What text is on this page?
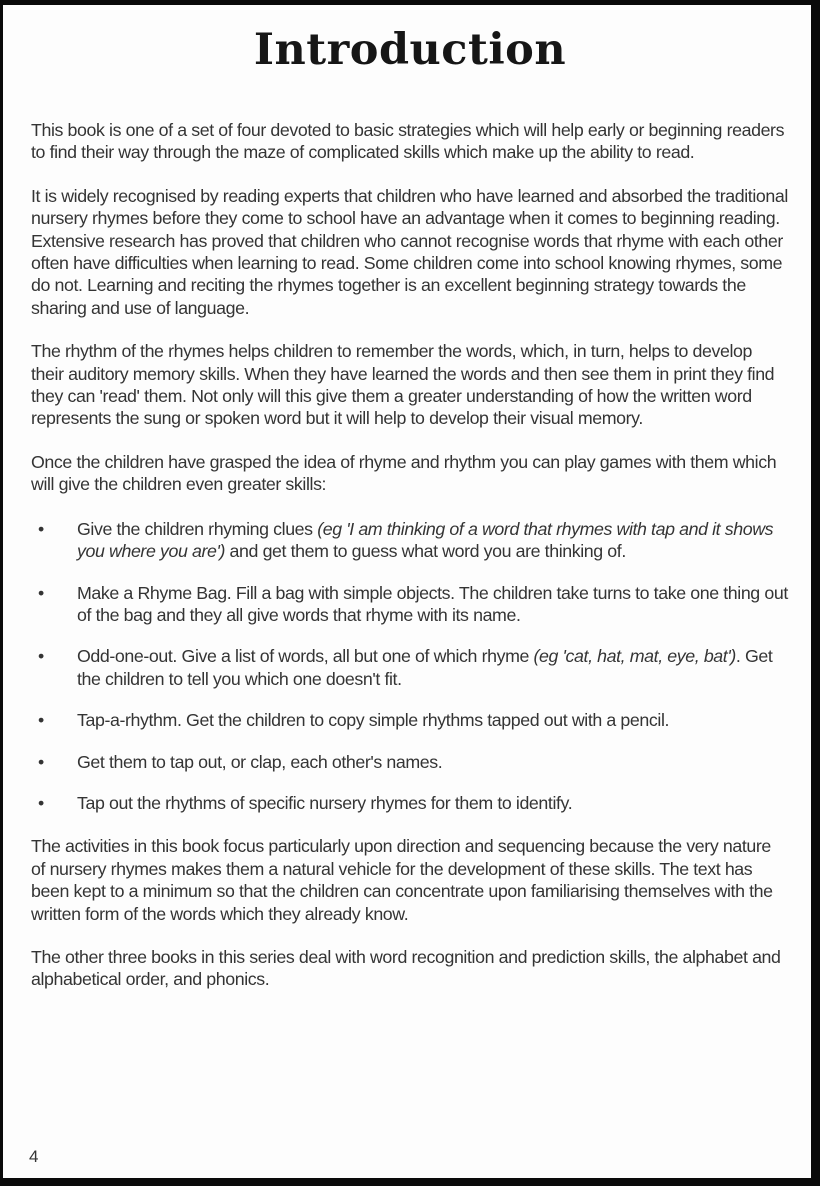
Introduction

This book is one of a set of four devoted to basic strategies which will help early or beginning readers to find their way through the maze of complicated skills which make up the ability to read.

It is widely recognised by reading experts that children who have learned and absorbed the traditional nursery rhymes before they come to school have an advantage when it comes to beginning reading. Extensive research has proved that children who cannot recognise words that rhyme with each other often have difficulties when learning to read. Some children come into school knowing rhymes, some do not. Learning and reciting the rhymes together is an excellent beginning strategy towards the sharing and use of language.

The rhythm of the rhymes helps children to remember the words, which, in turn, helps to develop their auditory memory skills. When they have learned the words and then see them in print they find they can 'read' them. Not only will this give them a greater understanding of how the written word represents the sung or spoken word but it will help to develop their visual memory.

Once the children have grasped the idea of rhyme and rhythm you can play games with them which will give the children even greater skills:

•	Give the children rhyming clues (eg 'I am thinking of a word that rhymes with tap and it shows you where you are') and get them to guess what word you are thinking of.
•	Make a Rhyme Bag. Fill a bag with simple objects. The children take turns to take one thing out of the bag and they all give words that rhyme with its name.
•	Odd-one-out. Give a list of words, all but one of which rhyme (eg 'cat, hat, mat, eye, bat'). Get the children to tell you which one doesn't fit.
•	Tap-a-rhythm. Get the children to copy simple rhythms tapped out with a pencil.
•	Get them to tap out, or clap, each other's names.
•	Tap out the rhythms of specific nursery rhymes for them to identify.

The activities in this book focus particularly upon direction and sequencing because the very nature of nursery rhymes makes them a natural vehicle for the development of these skills. The text has been kept to a minimum so that the children can concentrate upon familiarising themselves with the written form of the words which they already know.

The other three books in this series deal with word recognition and prediction skills, the alphabet and alphabetical order, and phonics.

4
